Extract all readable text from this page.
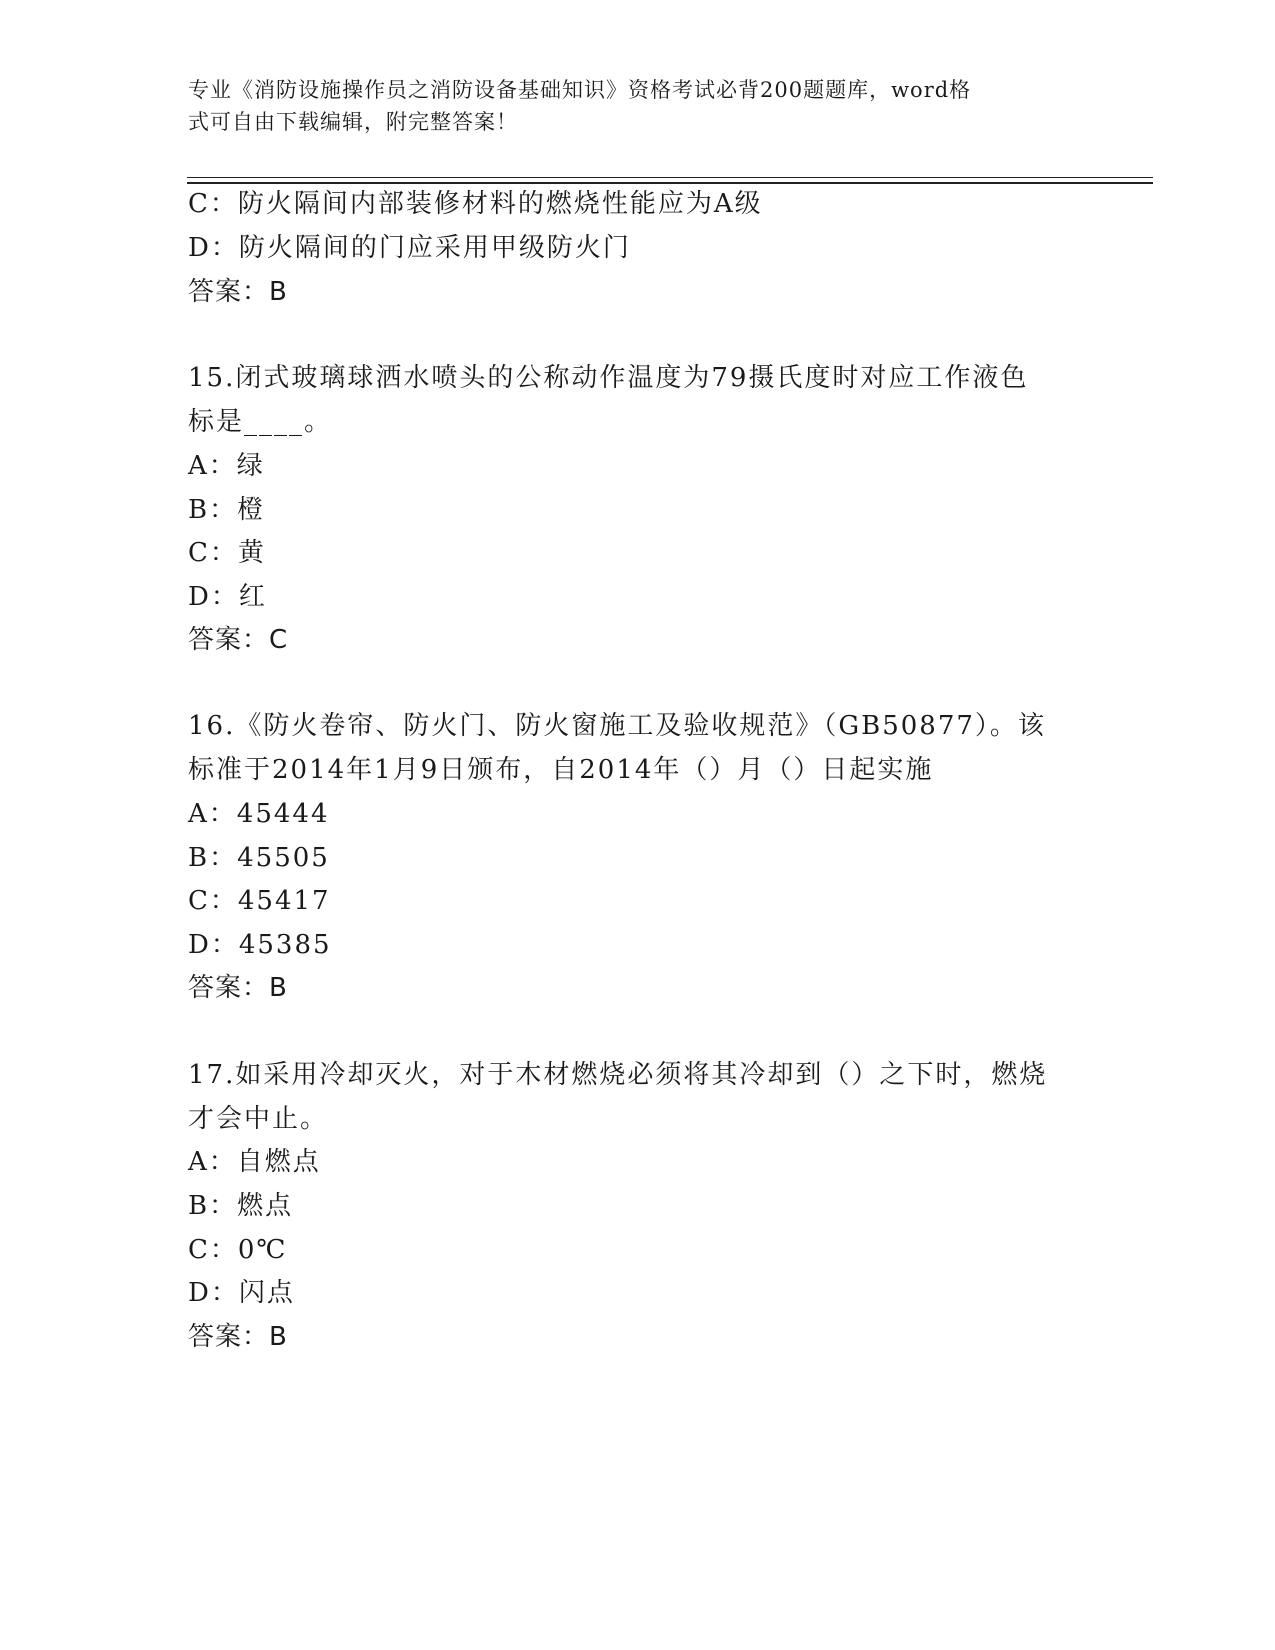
专业《消防设施操作员之消防设备基础知识》资格考试必背200题题库，word格
式可自由下载编辑，附完整答案！
C：防火隔间内部装修材料的燃烧性能应为A级
D：防火隔间的门应采用甲级防火门
答案：B
15.闭式玻璃球洒水喷头的公称动作温度为79摄氏度时对应工作液色
标是____。
A：绿
B：橙
C：黄
D：红
答案：C
16.《防火卷帘、防火门、防火窗施工及验收规范》（GB50877）。该
标准于2014年1月9日颁布，自2014年（）月（）日起实施
A：45444
B：45505
C：45417
D：45385
答案：B
17.如采用冷却灭火，对于木材燃烧必须将其冷却到（）之下时，燃烧
才会中止。
A：自燃点
B：燃点
C：0℃
D：闪点
答案：B
